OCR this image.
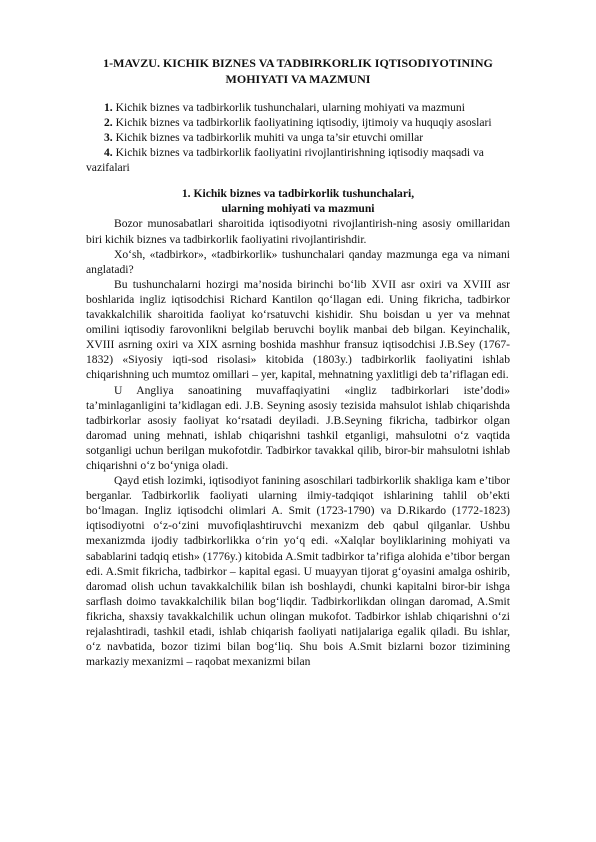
1-MAVZU. KICHIK BIZNES VA TADBIRKORLIK IQTISODIYOTINING MOHIYATI VA MAZMUNI

1. Kichik biznes va tadbirkorlik tushunchalari, ularning mohiyati va mazmuni

2. Kichik biznes va tadbirkorlik faoliyatining iqtisodiy, ijtimoiy va huquqiy asoslari

3. Kichik biznes va tadbirkorlik muhiti va unga ta’sir etuvchi omillar

4. Kichik biznes va tadbirkorlik faoliyatini rivojlantirishning iqtisodiy maqsadi va vazifalari

1. Kichik biznes va tadbirkorlik tushunchalari,
ularning mohiyati va mazmuni

Bozor munosabatlari sharoitida iqtisodiyotni rivojlantirish-ning asosiy omillaridan biri kichik biznes va tadbirkorlik faoliyatini rivojlantirishdir.

Xo‘sh, «tadbirkor», «tadbirkorlik» tushunchalari qanday mazmunga ega va nimani anglatadi?

Bu tushunchalarni hozirgi ma’nosida birinchi bo‘lib XVII asr oxiri va XVIII asr boshlarida ingliz iqtisodchisi Richard Kantilon qo‘llagan edi. Uning fikricha, tadbirkor tavakkalchilik sharoitida faoliyat ko‘rsatuvchi kishidir. Shu boisdan u yer va mehnat omilini iqtisodiy farovonlikni belgilab beruvchi boylik manbai deb bilgan. Keyinchalik, XVIII asrning oxiri va XIX asrning boshida mashhur fransuz iqtisodchisi J.B.Sey (1767-1832) «Siyosiy iqti-sod risolasi» kitobida (1803y.) tadbirkorlik faoliyatini ishlab chiqarishning uch mumtoz omillari – yer, kapital, mehnatning yaxlitligi deb ta’riflagan edi.

U Angliya sanoatining muvaffaqiyatini «ingliz tadbirkorlari iste’dodi» ta’minlaganligini ta’kidlagan edi. J.B. Seyning asosiy tezisida mahsulot ishlab chiqarishda tadbirkorlar asosiy faoliyat ko‘rsatadi deyiladi. J.B.Seyning fikricha, tadbirkor olgan daromad uning mehnati, ishlab chiqarishni tashkil etganligi, mahsulotni o‘z vaqtida sotganligi uchun berilgan mukofotdir. Tadbirkor tavakkal qilib, biror-bir mahsulotni ishlab chiqarishni o‘z bo‘yniga oladi.

Qayd etish lozimki, iqtisodiyot fanining asoschilari tadbirkorlik shakliga kam e’tibor berganlar. Tadbirkorlik faoliyati ularning ilmiy-tadqiqot ishlarining tahlil ob’ekti bo‘lmagan. Ingliz iqtisodchi olimlari A. Smit (1723-1790) va D.Rikardo (1772-1823) iqtisodiyotni o‘z-o‘zini muvofiqlashtiruvchi mexanizm deb qabul qilganlar. Ushbu mexanizmda ijodiy tadbirkorlikka o‘rin yo‘q edi. «Xalqlar boyliklarining mohiyati va sabablarini tadqiq etish» (1776y.) kitobida A.Smit tadbirkor ta’rifiga alohida e’tibor bergan edi. A.Smit fikricha, tadbirkor – kapital egasi. U muayyan tijorat g‘oyasini amalga oshirib, daromad olish uchun tavakkalchilik bilan ish boshlaydi, chunki kapitalni biror-bir ishga sarflash doimo tavakkalchilik bilan bog‘liqdir. Tadbirkorlikdan olingan daromad, A.Smit fikricha, shaxsiy tavakkalchilik uchun olingan mukofot. Tadbirkor ishlab chiqarishni o‘zi rejalashtiradi, tashkil etadi, ishlab chiqarish faoliyati natijalariga egalik qiladi. Bu ishlar, o‘z navbatida, bozor tizimi bilan bog‘liq. Shu bois A.Smit bizlarni bozor tizimining markaziy mexanizmi – raqobat mexanizmi bilan
